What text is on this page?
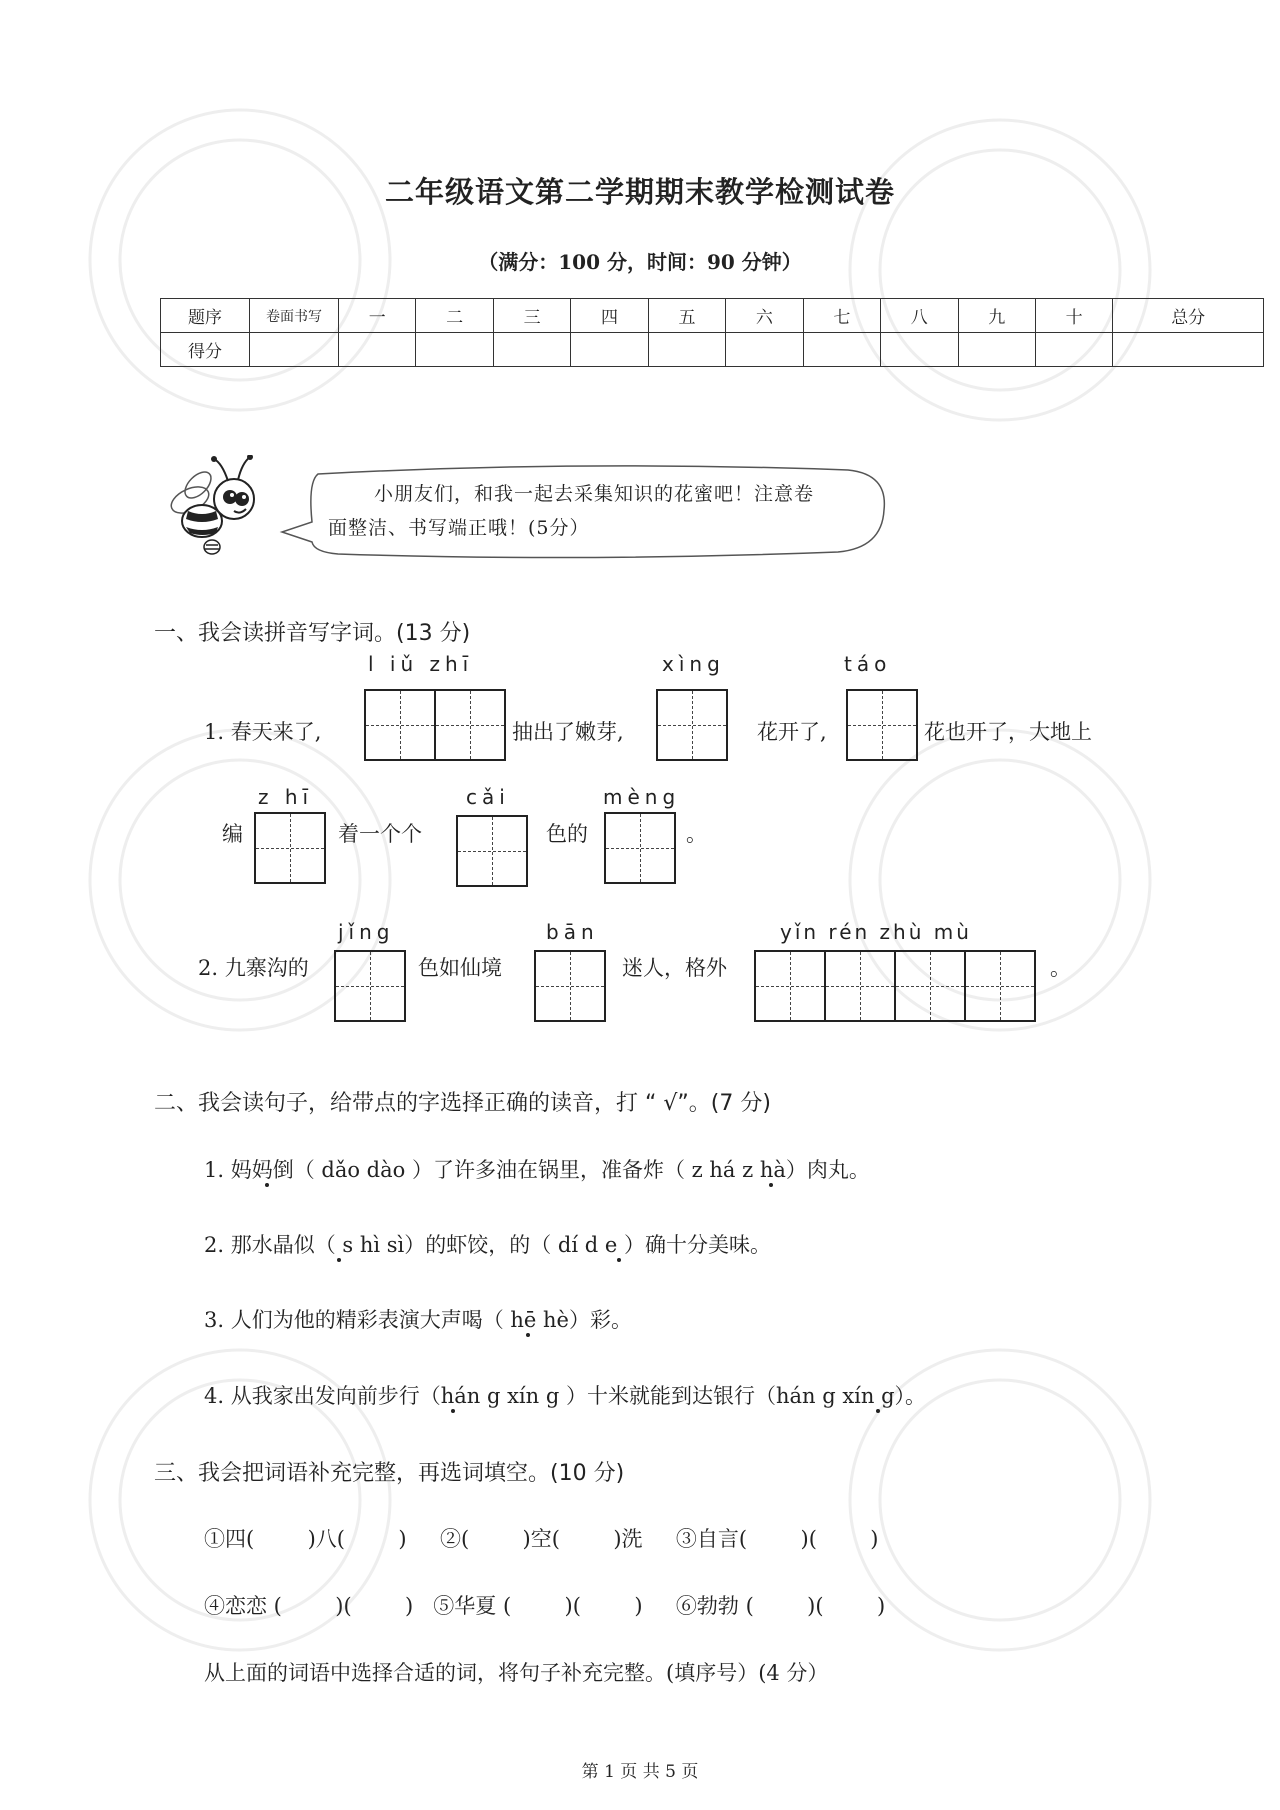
二年级语文第二学期期末教学检测试卷
（满分：100 分，时间：90 分钟）
题序	卷面书写	一	二	三	四	五	六	七	八	九	十	总分
得分												
小朋友们，和我一起去采集知识的花蜜吧！注意卷
面整洁、书写端正哦！(5分）
一、我会读拼音写字词。(13 分)
l iǔ zhī	xìng	táo
1. 春天来了,	抽出了嫩芽,	花开了,	花也开了，大地上
z hī	cǎi	mèng
编	着一个个	色的	。
jǐng	bān	yǐn rén zhù mù
2. 九寨沟的	色如仙境	迷人，格外	。
二、我会读句子，给带点的字选择正确的读音，打 “ √”。(7 分)
1. 妈妈倒（ dǎo dào ）了许多油在锅里，准备炸（ z há z hà）肉丸。
2. 那水晶似（ s hì sì）的虾饺，的（ dí d e ）确十分美味。
3. 人们为他的精彩表演大声喝（ hē hè）彩。
4. 从我家出发向前步行（hán g xín g ）十米就能到达银行（hán g xín g）。
三、我会把词语补充完整，再选词填空。(10 分)
①四(        )八(        )     ②(        )空(        )洗     ③自言(        )(        )
④恋恋 (        )(        )   ⑤华夏 (        )(        )     ⑥勃勃 (        )(        )
从上面的词语中选择合适的词，将句子补充完整。(填序号）(4 分）
第 1 页 共 5 页
